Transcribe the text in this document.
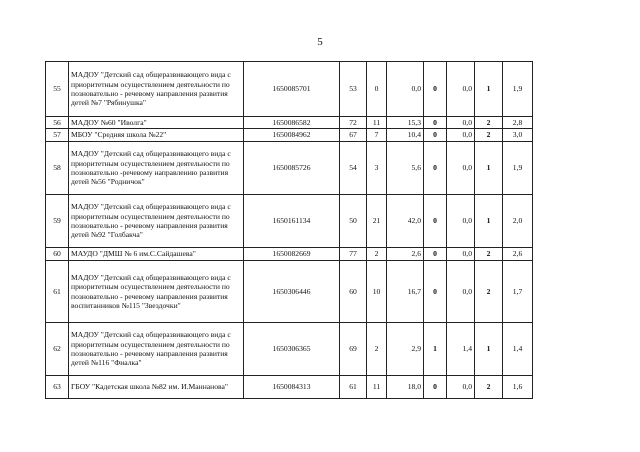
5
55	МАДОУ "Детский сад общеразвивающего вида с приоритетным осуществлением деятельности по позновательно - речевому направления развития детей №7 "Рябинушка"	1650085701	53	0	0,0	0	0,0	1	1,9
56	МАДОУ №60 "Иволга"	1650086582	72	11	15,3	0	0,0	2	2,8
57	МБОУ "Средняя школа №22"	1650084962	67	7	10,4	0	0,0	2	3,0
58	МАДОУ "Детский сад общеразвивающего вида с приоритетным осуществлением деятельности по позновательно -речевому направлению развития детей №56 "Родничок"	1650085726	54	3	5,6	0	0,0	1	1,9
59	МАДОУ "Детский сад общеразвивающего вида с приоритетным осуществлением деятельности по позновательно - речевому направления развития детей №92 "Голбакча"	1650161134	50	21	42,0	0	0,0	1	2,0
60	МАУДО "ДМШ № 6 им.С.Сайдашева"	1650082669	77	2	2,6	0	0,0	2	2,6
61	МАДОУ "Детский сад общеразвивающего вида с приоритетным осуществлением деятельности по позновательно - речевому направления развития воспитанников №115 "Звездочки"	1650306446	60	10	16,7	0	0,0	2	1,7
62	МАДОУ "Детский сад общеразвивающего вида с приоритетным осуществлением деятельности по позновательно - речевому направления развития детей №116 "Фиалка"	1650306365	69	2	2,9	1	1,4	1	1,4
63	ГБОУ "Кадетская школа №82 им. И.Маннанова"	1650084313	61	11	18,0	0	0,0	2	1,6
